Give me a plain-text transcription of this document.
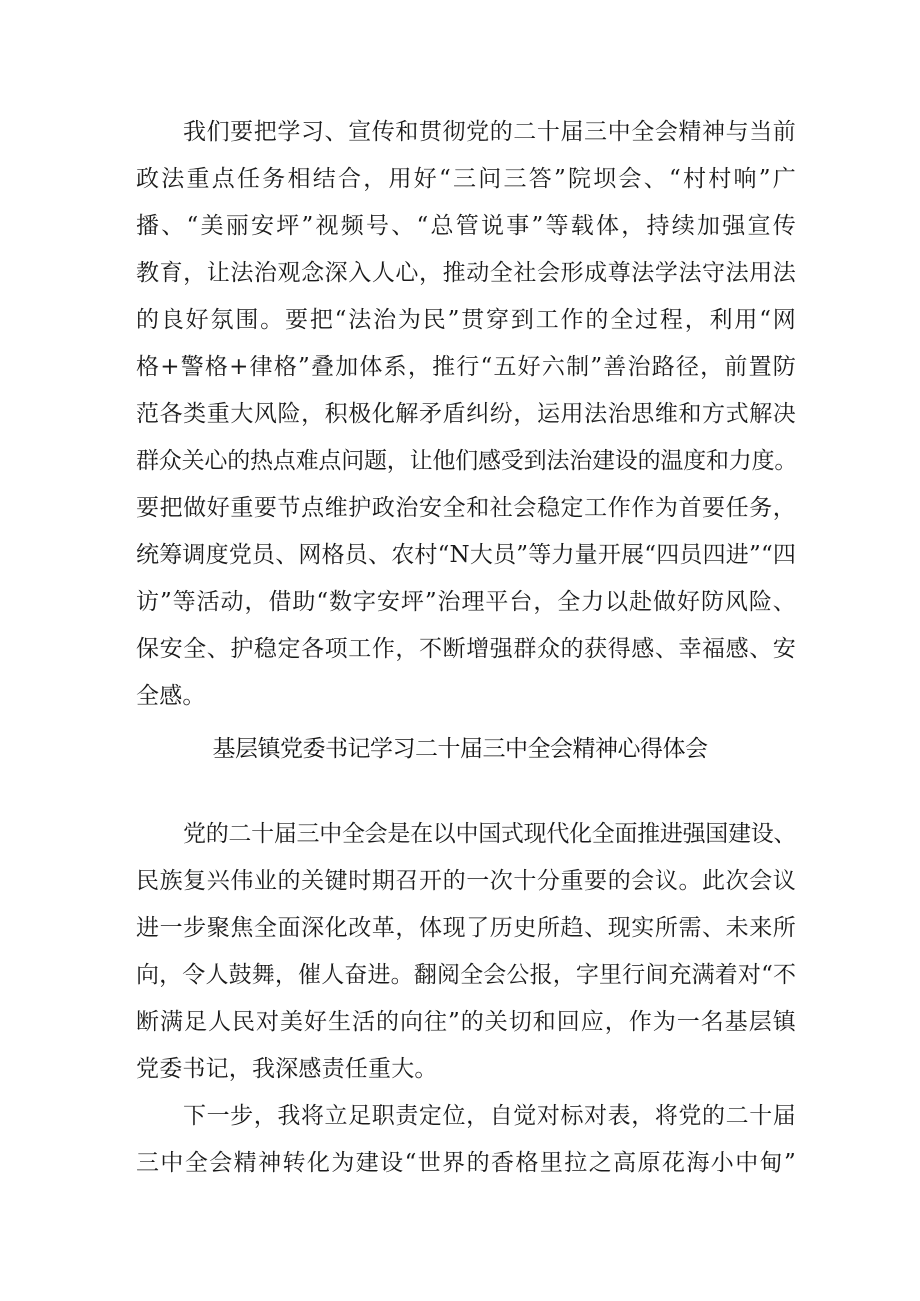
我们要把学习、宣传和贯彻党的二十届三中全会精神与当前
政法重点任务相结合，用好“三问三答”院坝会、“村村响”广
播、“美丽安坪”视频号、“总管说事”等载体，持续加强宣传
教育，让法治观念深入人心，推动全社会形成尊法学法守法用法
的良好氛围。要把“法治为民”贯穿到工作的全过程，利用“网
格+警格+律格”叠加体系，推行“五好六制”善治路径，前置防
范各类重大风险，积极化解矛盾纠纷，运用法治思维和方式解决
群众关心的热点难点问题，让他们感受到法治建设的温度和力度。
要把做好重要节点维护政治安全和社会稳定工作作为首要任务，
统筹调度党员、网格员、农村“N大员”等力量开展“四员四进”“四
访”等活动，借助“数字安坪”治理平台，全力以赴做好防风险、
保安全、护稳定各项工作，不断增强群众的获得感、幸福感、安
全感。
基层镇党委书记学习二十届三中全会精神心得体会
党的二十届三中全会是在以中国式现代化全面推进强国建设、
民族复兴伟业的关键时期召开的一次十分重要的会议。此次会议
进一步聚焦全面深化改革，体现了历史所趋、现实所需、未来所
向，令人鼓舞，催人奋进。翻阅全会公报，字里行间充满着对“不
断满足人民对美好生活的向往”的关切和回应，作为一名基层镇
党委书记，我深感责任重大。
下一步，我将立足职责定位，自觉对标对表，将党的二十届
三中全会精神转化为建设“世界的香格里拉之高原花海小中甸”
